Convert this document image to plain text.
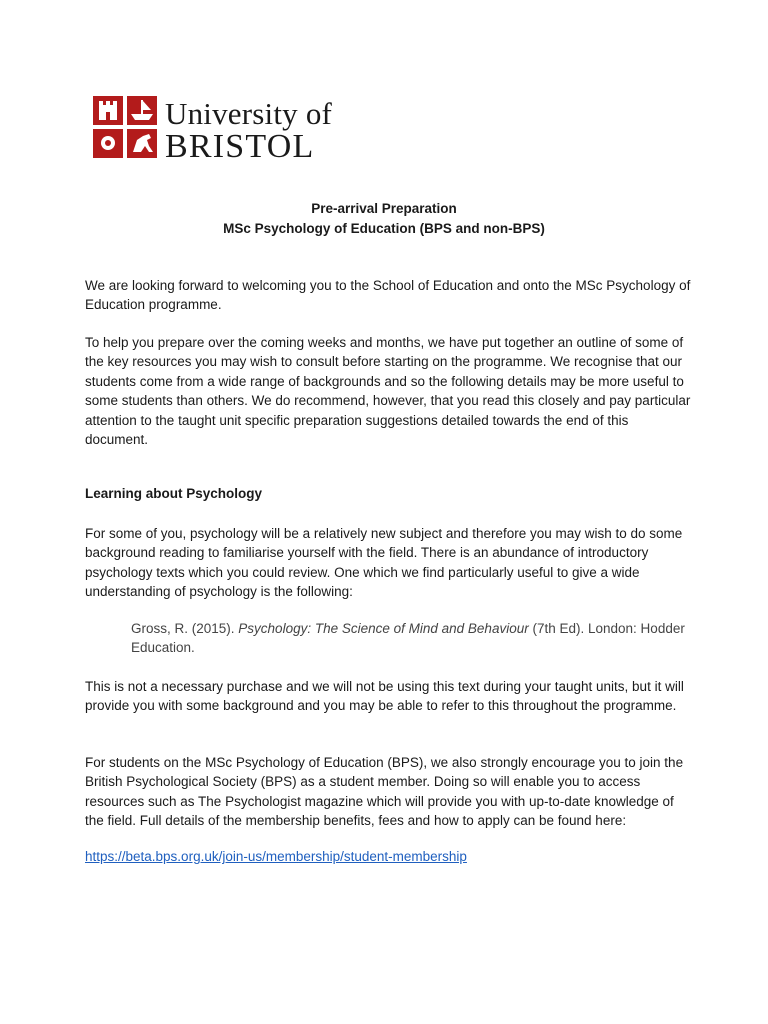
University of
BRISTOL
Pre-arrival Preparation
MSc Psychology of Education (BPS and non-BPS)
We are looking forward to welcoming you to the School of Education and onto the MSc Psychology of Education programme.
To help you prepare over the coming weeks and months, we have put together an outline of some of the key resources you may wish to consult before starting on the programme. We recognise that our students come from a wide range of backgrounds and so the following details may be more useful to some students than others. We do recommend, however, that you read this closely and pay particular attention to the taught unit specific preparation suggestions detailed towards the end of this document.
Learning about Psychology
For some of you, psychology will be a relatively new subject and therefore you may wish to do some background reading to familiarise yourself with the field. There is an abundance of introductory psychology texts which you could review. One which we find particularly useful to give a wide understanding of psychology is the following:
Gross, R. (2015). Psychology: The Science of Mind and Behaviour (7th Ed). London: Hodder Education.
This is not a necessary purchase and we will not be using this text during your taught units, but it will provide you with some background and you may be able to refer to this throughout the programme.
For students on the MSc Psychology of Education (BPS), we also strongly encourage you to join the British Psychological Society (BPS) as a student member. Doing so will enable you to access resources such as The Psychologist magazine which will provide you with up-to-date knowledge of the field. Full details of the membership benefits, fees and how to apply can be found here:
https://beta.bps.org.uk/join-us/membership/student-membership
